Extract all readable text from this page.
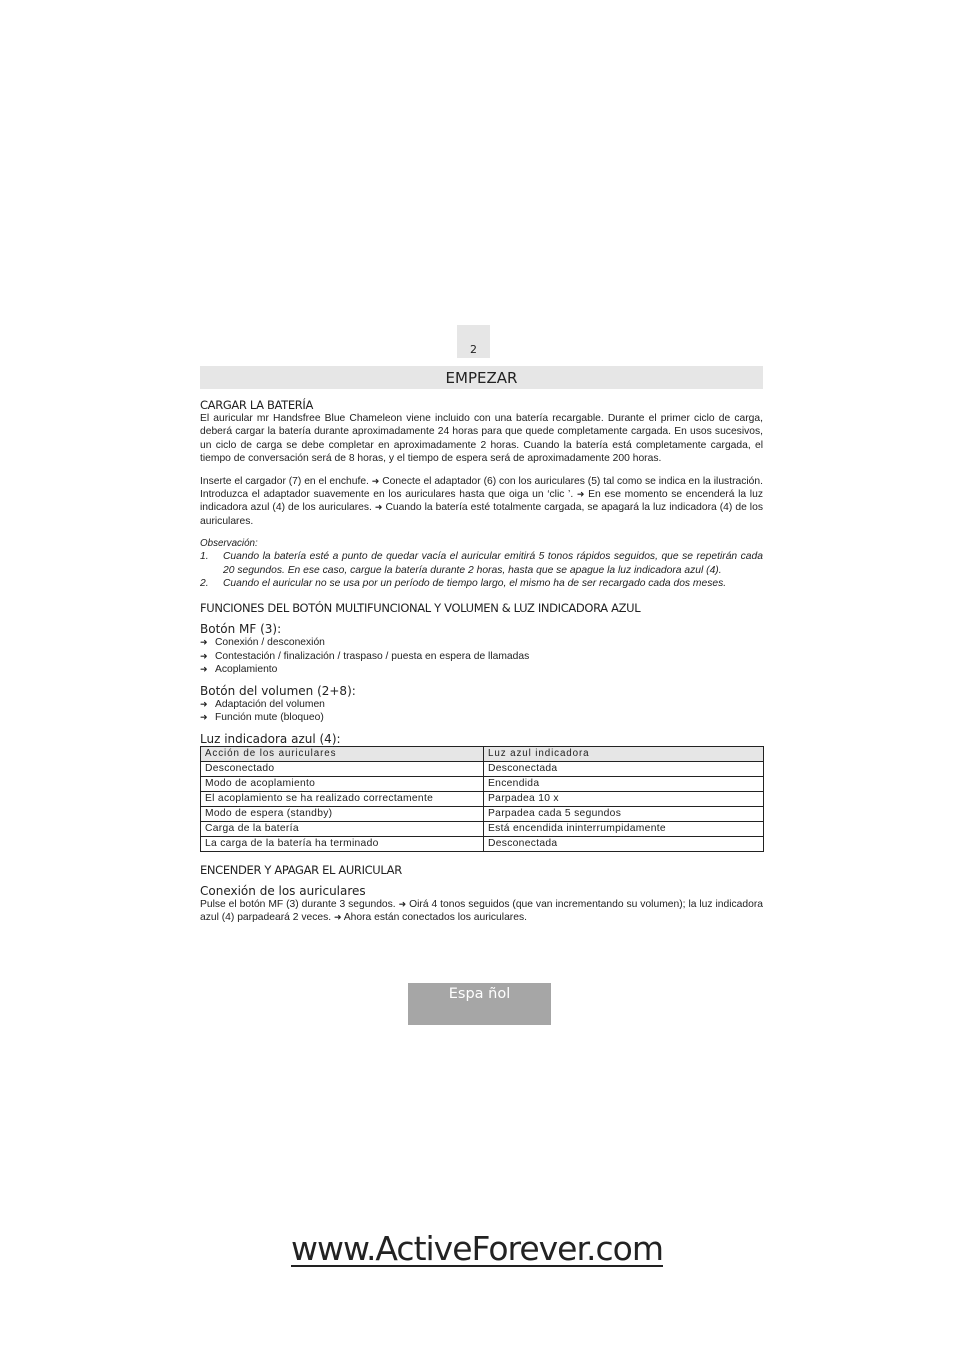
2
EMPEZAR

CARGAR LA BATERÍA

El auricular mr Handsfree Blue Chameleon viene incluido con una batería recargable. Durante el primer ciclo de carga, deberá cargar la batería durante aproximadamente 24 horas para que quede completamente cargada. En usos sucesivos, un ciclo de carga se debe completar en aproximadamente 2 horas. Cuando la batería está completamente cargada, el tiempo de conversación será de 8 horas, y el tiempo de espera será de aproximadamente 200 horas.

Inserte el cargador (7) en el enchufe. ➜ Conecte el adaptador (6) con los auriculares (5) tal como se indica en la ilustración. Introduzca el adaptador suavemente en los auriculares hasta que oiga un ‘clic ’. ➜ En ese momento se encenderá la luz indicadora azul (4) de los auriculares. ➜ Cuando la batería esté totalmente cargada, se apagará la luz indicadora (4) de los auriculares.

Observación:

1. Cuando la batería esté a punto de quedar vacía el auricular emitirá 5 tonos rápidos seguidos, que se repetirán cada 20 segundos. En ese caso, cargue la batería durante 2 horas, hasta que se apague la luz indicadora azul (4).
2. Cuando el auricular no se usa por un período de tiempo largo, el mismo ha de ser recargado cada dos meses.

FUNCIONES DEL BOTÓN MULTIFUNCIONAL Y VOLUMEN & LUZ INDICADORA AZUL

Botón MF (3):

➜ Conexión / desconexión
➜ Contestación / finalización / traspaso / puesta en espera de llamadas
➜ Acoplamiento

Botón del volumen (2+8):

➜ Adaptación del volumen
➜ Función mute (bloqueo)

Luz indicadora azul (4):

Acción de los auriculares	Luz azul indicadora
Desconectado	Desconectada
Modo de acoplamiento	Encendida
El acoplamiento se ha realizado correctamente	Parpadea 10 x
Modo de espera (standby)	Parpadea cada 5 segundos
Carga de la batería	Está encendida ininterrumpidamente
La carga de la batería ha terminado	Desconectada

ENCENDER Y APAGAR EL AURICULAR

Conexión de los auriculares

Pulse el botón MF (3) durante 3 segundos. ➜ Oirá 4 tonos seguidos (que van incrementando su volumen); la luz indicadora azul (4) parpadeará 2 veces. ➜ Ahora están conectados los auriculares.

Espa ñol
www.ActiveForever.com
